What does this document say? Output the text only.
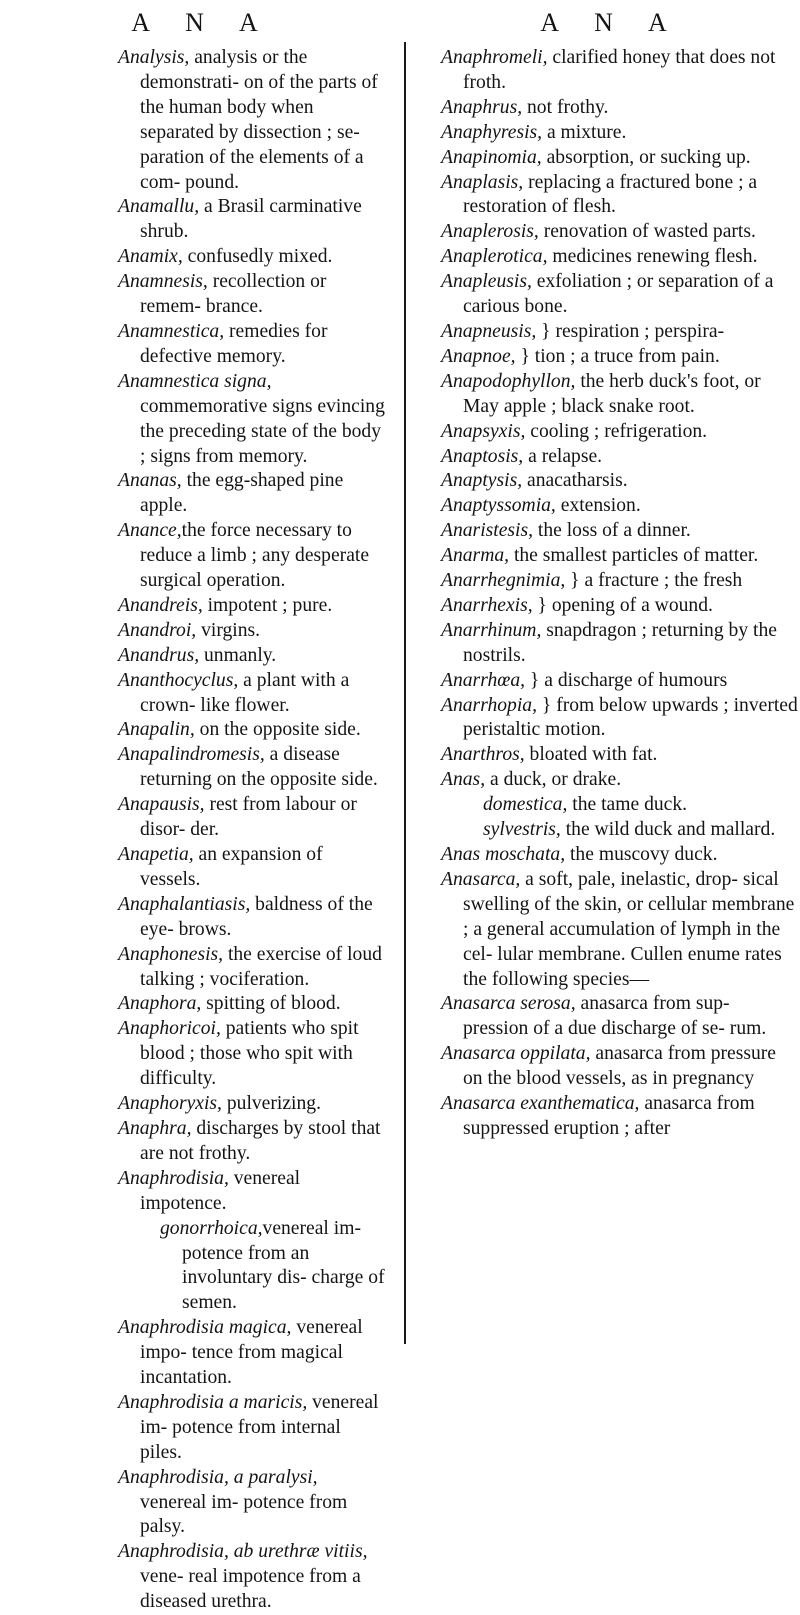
A N A

Analysis, analysis or the demonstrati- on of the parts of the human body when separated by dissection ; se- paration of the elements of a com- pound.

Anamallu, a Brasil carminative shrub.

Anamix, confusedly mixed.

Anamnesis, recollection or remem- brance.

Anamnestica, remedies for defective memory.

Anamnestica signa, commemorative signs evincing the preceding state of the body ; signs from memory.

Ananas, the egg-shaped pine apple.

Anance,the force necessary to reduce a limb ; any desperate surgical operation.

Anandreis, impotent ; pure.

Anandroi, virgins.

Anandrus, unmanly.

Ananthocyclus, a plant with a crown- like flower.

Anapalin, on the opposite side.

Anapalindromesis, a disease returning on the opposite side.

Anapausis, rest from labour or disor- der.

Anapetia, an expansion of vessels.

Anaphalantiasis, baldness of the eye- brows.

Anaphonesis, the exercise of loud talking ; vociferation.

Anaphora, spitting of blood.

Anaphoricoi, patients who spit blood ; those who spit with difficulty.

Anaphoryxis, pulverizing.

Anaphra, discharges by stool that are not frothy.

Anaphrodisia, venereal impotence.

gonorrhoica,venereal im- potence from an involuntary dis- charge of semen.

Anaphrodisia magica, venereal impo- tence from magical incantation.

Anaphrodisia a maricis, venereal im- potence from internal piles.

Anaphrodisia, a paralysi, venereal im- potence from palsy.

Anaphrodisia, ab urethræ vitiis, vene- real impotence from a diseased urethra.

A N A

Anaphromeli, clarified honey that does not froth.

Anaphrus, not frothy.

Anaphyresis, a mixture.

Anapinomia, absorption, or sucking up.

Anaplasis, replacing a fractured bone ; a restoration of flesh.

Anaplerosis, renovation of wasted parts.

Anaplerotica, medicines renewing flesh.

Anapleusis, exfoliation ; or separation of a carious bone.

Anapneusis, } respiration ; perspira-

Anapnoe, } tion ; a truce from pain.

Anapodophyllon, the herb duck's foot, or May apple ; black snake root.

Anapsyxis, cooling ; refrigeration.

Anaptosis, a relapse.

Anaptysis, anacatharsis.

Anaptyssomia, extension.

Anaristesis, the loss of a dinner.

Anarma, the smallest particles of matter.

Anarrhegnimia, } a fracture ; the fresh

Anarrhexis, } opening of a wound.

Anarrhinum, snapdragon ; returning by the nostrils.

Anarrhœa, } a discharge of humours

Anarrhopia, } from below upwards ; inverted peristaltic motion.

Anarthros, bloated with fat.

Anas, a duck, or drake.

domestica, the tame duck.

sylvestris, the wild duck and mallard.

Anas moschata, the muscovy duck.

Anasarca, a soft, pale, inelastic, drop- sical swelling of the skin, or cellular membrane ; a general accumulation of lymph in the cel- lular membrane. Cullen enume rates the following species—

Anasarca serosa, anasarca from sup- pression of a due discharge of se- rum.

Anasarca oppilata, anasarca from pressure on the blood vessels, as in pregnancy

Anasarca exanthematica, anasarca from suppressed eruption ; after
